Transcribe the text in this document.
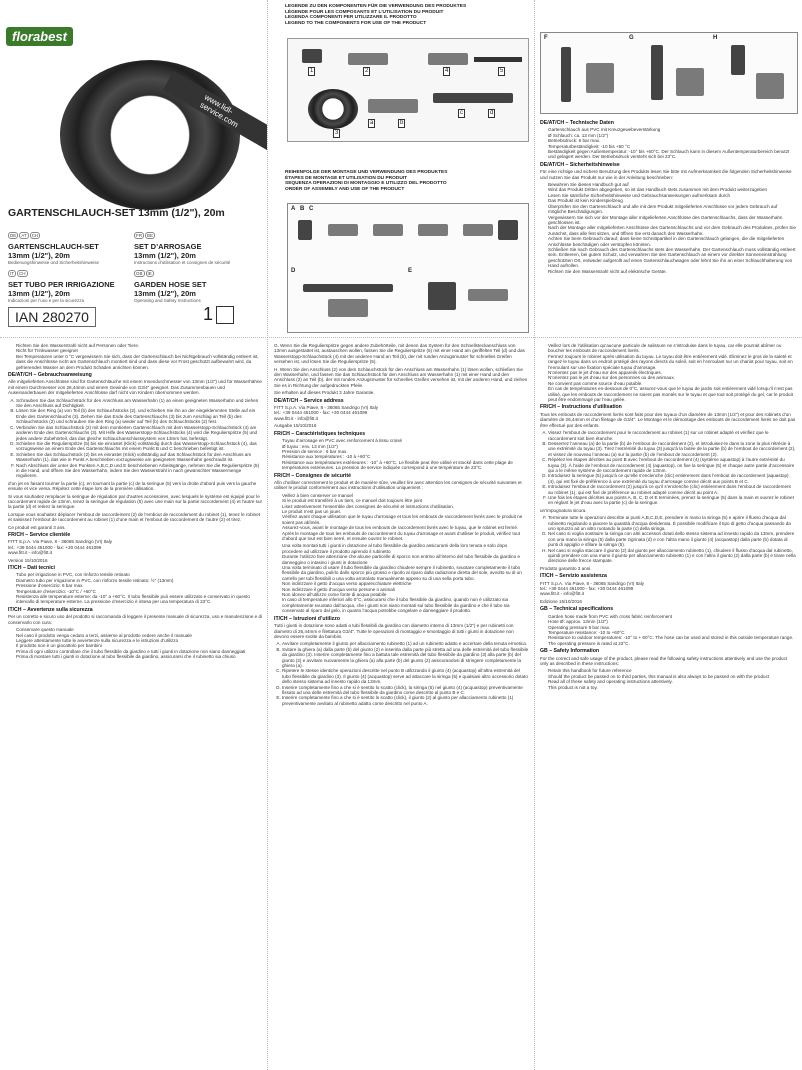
florabest
www.lidl-service.com
GARTENSCHLAUCH-SET 13mm (1/2"), 20m
DE AT CH
GARTENSCHLAUCH-SET
13mm (1/2"), 20m
Bedienungshinweise und Sicherheitshinweise
FR BE
SET D’ARROSAGE
13mm (1/2"), 20m
Instructions d’utilisation et consignes de sécurité
IT CH
SET TUBO PER IRRIGAZIONE
13mm (1/2"), 20m
Indicazioni per l’uso e per la sicurezza
GB IE
GARDEN HOSE SET
13mm (1/2"), 20m
Operating and Safety Instructions
IAN 280270	1
LEGENDE ZU DEN KOMPONENTEN FÜR DIE VERWENDUNG DES PRODUKTES
LÉGENDE POUR LES COMPOSANTS ET L’UTILISATION DU PRODUIT
LEGENDA COMPONENTI PER UTILIZZARE IL PRODOTTO
LEGEND TO THE COMPONENTS FOR USE OF THE PRODUCT
1	2
3
4	5
a	b
c	d
REIHENFOLGE DER MONTAGE UND VERWENDUNG DES PRODUKTES
ÉTAPES DE MONTAGE ET UTILISATION DU PRODUIT
SEQUENZA OPERAZIONI DI MONTAGGIO E UTILIZZO DEL PRODOTTO
ORDER OF ASSEMBLY AND USE OF THE PRODUCT
A B C
D	E
F	G	H
DE/AT/CH – Technische Daten
• Gartenschlauch aus PVC mit Kreuzgewebeverstärkung
• Ø Schlauch: ca. 13 mm (1/2")
• Betriebsdruck: 6 bar max.
• Temperaturbeständigkeit: -10 bis +60 °C
• Beständigkeit gegen Außentemperatur: -10° bis +60°C. Der Schlauch kann in diesem Außentemperaturbereich benutzt und gelagert werden. Der Betriebsdruck versteht sich bei 23°C.
DE/AT/CH – Sicherheitshinweise

Für eine richtige und sichere Benutzung des Produkts lesen Sie bitte mit Aufmerksamkeit die folgenden Sicherheitshinweise und nutzen Sie das Produkt nur wie in der Anleitung beschrieben:

• Bewahren Sie dieses Handbuch gut auf
• Wird das Produkt Dritten abgegeben, so ist das Handbuch stets zusammen mit dem Produkt weiterzugeben
• Lesen Sie sämtliche Sicherheitshinweise und Gebrauchsanweisungen aufmerksam durch
• Das Produkt ist kein Kinderspielzeug
• Überprüfen Sie den Gartenschlauch und alle mit dem Produkt mitgelieferten Anschlüsse vor jedem Gebrauch auf mögliche Beschädigungen.
• Vergewissern Sie sich vor der Montage aller mitgelieferten Anschlüsse des Gartenschlauchs, dass der Wasserhahn geschlossen ist.
• Nach der Montage aller mitgelieferten Anschlüsse des Gartenschlauchs und vor dem Gebrauch des Produktes, prüfen Sie zunächst, dass alle fest sitzen, und öffnen Sie erst danach den Wasserhahn.
• Achten Sie beim Gebrauch darauf, dass keine Schnittpartikel in den Gartenschlauch gelangen, die die mitgelieferten Anschlüsse beschädigen oder verstopfen könnten.
• Schließen Sie nach Gebrauch des Gartenschlauchs stets den Wasserhahn. Der Gartenschlauch muss vollständig entleert sein. Entleeren, bei gutem Schutz, und verwahren Sie den Gartenschlauch an einem vor direkter Sonneneinstrahlung geschützten Ort, entweder aufgerollt auf einen Gartenschlauchwagen oder lehnt Sie ihn an einer Schlauchhalterung von Hand aufrollen.
• Richten Sie den Wasserstrahl nicht auf elektrische Geräte.
• Richten Sie den Wasserstrahl nicht auf Personen oder Tiere.
• Nicht für Trinkwasser geeignet
• Bei Temperaturen unter 0 °C vergewissern Sie sich, dass der Gartenschlauch bei Nichtgebrauch vollständig entleert ist, dass die Anschlüsse nicht am Gartenschlauch montiert sind und dass diese vor Frost geschützt aufbewahrt wird, da gefrierendes Wasser an dem Produkt Schäden anrichten können.
DE/AT/CH – Gebrauchsanweisung

Alle mitgelieferten Anschlüsse sind für Gartenschläuche mit einem Innendurchmesser von 13mm (1/2") und für Wasserhähne mit einem Durchmesser von 26,44mm und einem Gewinde von G3/4" geeignet. Das Zusammenbauen und Auseinanderbauen der mitgelieferten Anschlüsse darf nicht von Kindern übernommen werden.

A. Schrauben Sie das Schlauchstück für den Anschluss am Wasserhahn (1) an einen geeigneten Wasserhahn und ziehen Sie den Anschluss auf Dichtigkeit.
B. Lösen Sie den Ring (a) von Teil (b) des Schlauchstücks (2), und schieben Sie ihn an der eingeklemmten Stelle auf ein Ende des Gartenschlauchs (3). Ziehen Sie das Ende des Gartenschlauchs (3) bis zum Anschlag an Teil (b) des Schlauchstücks (2) und schrauben Sie den Ring (a) wieder auf Teil (b) des Schlauchstücks (2) fest.
C. Verbinden Sie das Schlauchstück (2) mit dem montierten Gartenschlauch mit dem Wasserstopp-Schlauchstück (4) am anderen Ende des Gartenschlauchs (3). Mit Hilfe des Wasserstopp-Schlauchstücks (4) wird die Regulierspritze (5) und jedes andere Zubehörteil, das das gleiche Schlauchanschlusssystem von 13mm hat, befestigt.
D. Schieben Sie die Regulierspritze (5) bis sie einrastet (Klick) vollständig durch das Wasserstopp-Schlauchstück (4), das vorzugsweise an einem Ende des Gartenschlauchs mit einem Punkt B und C beschrieben befestigt ist.
E. Schieben Sie das Schlauchstück (2) bis es einrastet (Klick) vollständig auf das Schlauchstück für den Anschluss am Wasserhahn (1), das wie in Punkt A beschrieben vorzugsweise am geeigneten Wasserhahn geschraubt ist.
F. Nach Abschluss der unter den Punkten A,B,C,D und E beschriebenen Arbeitsgänge, nehmen Sie die Regulierspritze (5) in die Hand, und öffnen Sie den Wasserhahn, indem Sie den Wasserstrahl in nach gewünschter Wassermenge regulieren.

d’un jet en faisant tourner la partie (c), en tournant la partie (c) de la seringue (5) vers la droite d’abord puis vers la gauche ensuite et vice versa. Répétez cette étape lors de la première utilisation.

Si vous souhaitez remplacer la seringue de régulation par d’autres accessoires, avec lesquels le système est équipé pour le raccordement rapide de 13mm, tenez la seringue de régulation (5) avec une main sur la partie raccordement (4) et l’autre sur la partie (d) et retirez la seringue.

Lorsque vous souhaitez déplacer l’embout de raccordement (2) de l’embout de raccordement du robinet (1), tenez le robinet et saisissez l’embout de raccordement au robinet (1) d’une main et l’embout de raccordement de l’autre (2) et tirez.

Ce produit est garanti 3 ans.

FR/CH – Service clientèle

FITT S.p.A. Via Piave, 8 - 36065 Sandrigo (VI) Italy

tel.: +39 0444 461000 - fax: +30 0444 461099

www.fitt.it - info@fitt.it

Version 15/10/2016

IT/CH – Dati tecnici
• Tubo per irrigazione in PVC, con rinforzo tessile retinato
• Diametro tubo per irrigazione in PVC, con rinforzo tessile retinato: ½" (13mm)
• Pressione d’esercizio: 6 bar max.
• Temperature d’esercizio: -10°C / +60°C
• Resistenza alle temperature esterne: da -10° a +60°C. Il tubo flessibile può essere utilizzato e conservato in questo intervallo di temperature esterne. La pressione d’esercizio è intesa per una temperatura di 23°C.
IT/CH – Avvertenze sulla sicurezza

Per un corretto e sicuro uso del prodotto si raccomanda di leggere il presente manuale di sicurezza, uso e manutenzione e di conservarlo con cura:

• Conservare questo manuale
• Nel caso il prodotto venga ceduto a terzi, assieme al prodotto cedere anche il manuale
• Leggere attentamente tutte le avvertenze sulla sicurezza e le istruzioni d’utilizzo
• Il prodotto non è un giocattolo per bambini
• Prima di ogni utilizzo controllare che il tubo flessibile da giardino e tutti i giunti in dotazione non siano danneggiati
• Prima di montare tutti i giunti in dotazione al tubo flessibile da giardino, assicurarsi che il rubinetto sia chiuso

G. Wenn Sie die Regulierspritze gegen andere Zubehörteile, mit denen das System für den Schnellsteckanschluss von 13mm ausgestattet ist, austauschen wollen, fassen Sie die Regulierspritze (5) mit einer Hand am geriffelten Teil (d) und das Wasserstopp-Schlauchstück (4) mit der anderen Hand an Teil (b), der mit runden Anzugsmuster für schnelles Greifen versehen ist, und lösen Sie die Regulierspritze (5).

H. Wenn Sie den Anschluss (2) von dem Schlauchstück für den Anschluss am Wasserhahn (1) lösen wollen, schließen Sie den Wasserhahn, und fassen Sie das Schlauchstück für den Anschluss am Wasserhahn (1) mit einer Hand und den Anschluss (2) an Teil (b), der mit runden Anzugsmuster für schnelles Greifen versehen ist, mit der anderen Hand, und ziehen Sie es in Richtung der aufgedruckten Pfeile.

Sie erhalten auf dieses Produkt 3 Jahre Garantie.

DE/AT/CH – Service address

FITT S.p.A. Via Piave, 8 - 36065 Sandrigo (VI) Italy

tel.: +39 0444 461000 - fax: +30 0444 461099

www.fitt.it - info@fitt.it

Ausgabe 15/10/2016

FR/CH – Caractéristiques techniques
• Tuyau d’arrosage en PVC avec renforcement à tissu croisé
• Ø tuyau : env. 13 mm (1/2")
• Pression de service : 6 bar max.
• Résistance aux températures : -10 à +60°C
• Résistance aux températures extérieures : -10° à +60°C. Le flexible peut être utilisé et stocké dans cette plage de températures extérieures. La pression de service indiquée correspond à une température de 23°C.
FR/CH – Consignes de sécurité

Afin d’utiliser correctement le produit et de manière sûre, veuillez lire avec attention les consignes de sécurité suivantes et utiliser le produit conformément aux instructions d’utilisation uniquement :

• Veillez à bien conserver ce manuel
• Si le produit est transféré à un tiers, ce manuel doit toujours être joint
• Lisez attentivement l’ensemble des consignes de sécurité et instructions d’utilisation.
• Le produit n’est pas un jouet.
• Vérifiez avant chaque utilisation que le tuyau d’arrosage et tous les embouts de raccordement livrés avec le produit ne soient pas abîmés.
• Assurez-vous, avant le montage de tous les embouts de raccordement livrés avec le tuyau, que le robinet est fermé.
• Après le montage de tous les embouts de raccordement du tuyau d’arrosage et avant d’utiliser le produit, vérifiez tout d’abord que tout est bien serré, et ensuite ouvrez le robinet.
• Una volta montati tutti i giunti in dotazione al tubo flessibile da giardino assicurarsi della loro tenuta e solo dopo procedere ad utilizzare il prodotto aprendo il rubinetto
• Durante l’utilizzo fare attenzione che alcune particelle di sporco non entrino all’interno del tubo flessibile da giardino e danneggino o intasino i giunti in dotazione
• Una volta terminato di usare il tubo flessibile da giardino chiudere sempre il rubinetto, svuotare completamente il tubo flessibile da giardino, pulirlo dallo sporco più grosso e riporlo al riparo dalla radiazione diretta del sole, avvolto su di un carrello per tubi flessibili o una volta arrotolato manualmente appeso su di una sella porta tubo.
• Non indirizzare il getto d’acqua verso apparecchiature elettriche
• Non indirizzare il getto d’acqua verso persone o animali
• Non idoneo all’utilizzo come fonte di acqua potabile
• In caso di temperature inferiori allo 0°C, assicurarsi che il tubo flessibile da giardino, quando non è utilizzato sia completamente svuotato dall’acqua, che i giunti non siano montati sul tubo flessibile da giardino e che il tubo sia conservato al riparo dal gelo, in quanto l’acqua potrebbe congelare e danneggiare il prodotto.
IT/CH – Istruzioni d’utilizzo

Tutti i giunti in dotazione sono adatti a tubi flessibili da giardino con diametro interno di 13mm (1/2") e per rubinetti con diametro di 26,44mm e filettatura G3/4". Tutte le operazioni di montaggio e smontaggio di tutti i giunti in dotazione non devono essere svolte da bambini.

A. Avvitare completamente il giunto per allacciamento rubinetto (1) ad un rubinetto adatto e accertare della tenuta ermetica.
B. Svitare la ghiera (a) dalla parte (b) del giunto (2) e inserirla dalla parte più stretta ad una delle estremità del tubo flessibile da giardino (3). Inserire completamente fino a battuta tale estremità del tubo flessibile da giardino (3) alla parte (b) del giunto (2) e avvitare nuovamente la ghiera (a) alla parte (b) del giunto (2) assicurandosi di stringere completamente la ghiera (a).
C. Ripetere le stesse identiche operazioni descritte nel punto B utilizzando il giunto (4) (acquastop) all’altra estremità del tubo flessibile da giardino (3). Il giunto (4) (acquastop) serve ad attaccare la siringa (5) e qualsiasi altro accessorio dotato dello stesso sistema ad innesto rapido da 13mm.
D. Inserire completamente fino a che si è sentito lo scatto (click), la siringa (5) nel giunto (4) (acquastop) preventivamente fissato ad una delle estremità del tubo flessibile da giardino come descritto al punto B e C.
E. Inserire completamente fino a che si è sentito lo scatto (click), il giunto (2) al giunto per allacciamento rubinetto (1) preventivamente avvitato al rubinetto adatto come descritto nel punto A.
• Veillez lors de l’utilisation qu’aucune particule de salissure ne s’introduise dans le tuyau, car elle pourrait abîmer ou boucher les embouts de raccordement livrés.
• Fermez toujours le robinet après utilisation du tuyau. Le tuyau doit être entièrement vidé. Éliminez le gros de la saleté et rangez le tuyau dans un endroit protégé des rayons directs du soleil, soit en l’enroulant sur un chariot pour tuyau, soit en l’enroulant sur une fixation spéciale tuyau d’arrosage.
• N’orientez pas le jet d’eau sur des appareils électriques.
• N’orientez pas le jet d’eau sur des personnes ou des animaux.
• Ne convient pas comme source d’eau potable.
• En cas de températures en-dessous de 0°C, assurez-vous que le tuyau de jardin soit entièrement vidé lorsqu’il n’est pas utilisé, que les embouts de raccordement ne soient pas montés sur le tuyau et que tout soit protégé du gel, car le produit peut être endommagé par l’eau gelée.
FR/CH – Instructions d’utilisation

Tous les embouts de raccordement livrés sont faits pour des tuyaux d’un diamètre de 13mm (1/2") et pour des robinets d’un diamètre de 26,44mm et d’un filetage de G3/4". Le Montage et le démontage des embouts de raccordement livrés ne doit pas être effectué par des enfants.

A. Vissez l’embout de raccordement pour le raccordement au robinet (1) sur un robinet adapté et vérifiez que le raccordement soit bien étanche.
B. Desserrez l’anneau (a) de la partie (b) de l’embout de raccordement (2), et introduisez-le dans la zone la plus rétrécie à une extrémité du tuyau (3). Tirez l’extrémité du tuyau (3) jusqu’à la butée de la partie (b) de l’embout de raccordement (2), et vissez de nouveau l’anneau (a) sur la partie (b) de l’embout de raccordement (2).
C. Répétez les étapes décrites au point B avec l’embout de raccordement (4) (système aquastop) à l’autre extrémité du tuyau (3). À l’aide de l’embout de raccordement (4) (aquastop), on fixe la seringue (5) et chaque autre partie d’accessoire qui a le même système de raccordement rapide de 13mm.
D. Introduisez la seringue (5) jusqu’à ce qu’elle s’enclenche (clic) entièrement dans l’embout de raccordement (aquastop) (4), qui est fixé de préférence à une extrémité du tuyau d’arrosage comme décrit aux points B et C.
E. Introduisez l’embout de raccordement (2) jusqu’à ce qu’il s’enclenche (clic) entièrement dans l’embout de raccordement au robinet (1), qui est fixé de préférence au robinet adapté comme décrit au point A.
F. Une fois les étapes décrites aux points A, B, C, D et E terminées, prenez la seringue (5) dans la main et ouvrez le robinet en réglant le jet d’eau avec la partie (c) de la seringue.

un’impugnatura sicura.

F. Terminate tutte le operazioni descritte ai punti A,B,C,D,E, prendere in mano la siringa (5) e aprire il flusso d’acqua dal rubinetto regolando a piacere la quantità d’acqua desiderata. È possibile modificare il tipo di getto d’acqua passando da uno spruzzo ad un altro ruotando la parte (c) della siringa.
G. Nel caso si voglia sostituire la siringa con altri accessori dotati dello stesso sistema ad innesto rapido da 13mm, prendere con una mano la siringa (5) dalla parte zigrinata (d) e con l’altra mano il giunto (4) (acquastop) dalla parte (b) dotata di punti di appiglio e sfilare la siringa (5).
H. Nel caso si voglia staccare il giunto (2) dal giunto per allacciamento rubinetto (1), chiudere il flusso d’acqua dal rubinetto, quindi prendere con una mano il giunto per allacciamento rubinetto (1) e con l’altra il giunto (2) dalla parte (b) e tirare nella direzione delle frecce stampate.

Prodotto garantito 3 anni.

IT/CH – Servizio assistenza

FITT S.p.A. Via Piave, 8 - 36065 Sandrigo (VI) Italy

tel.: +39 0444 461000 - fax: +30 0444 461099

www.fitt.it - info@fitt.it

Edizione 15/10/2016

GB – Technical specifications
• Garden hose made from PVC with cross fabric reinforcement
• Hose Ø: approx. 13mm (1/2")
• Operating pressure 6 bar max.
• Temperature resistance: -10 to +60°C
• Resistance to outdoor temperatures: -10° to + 60°C. The hose can be used and stored in this outside temperature range. The operating pressure is rated at 23°C.
GB – Safety Information

For the correct and safe usage of the product, please read the following safety instructions attentively and use the product only as described in these instructions:

• Retain this handbook for future reference
• Should the product be passed on to third parties, this manual is also always to be passed on with the product
• Read all of these safety and operating instructions attentively.
• This product is not a toy.
